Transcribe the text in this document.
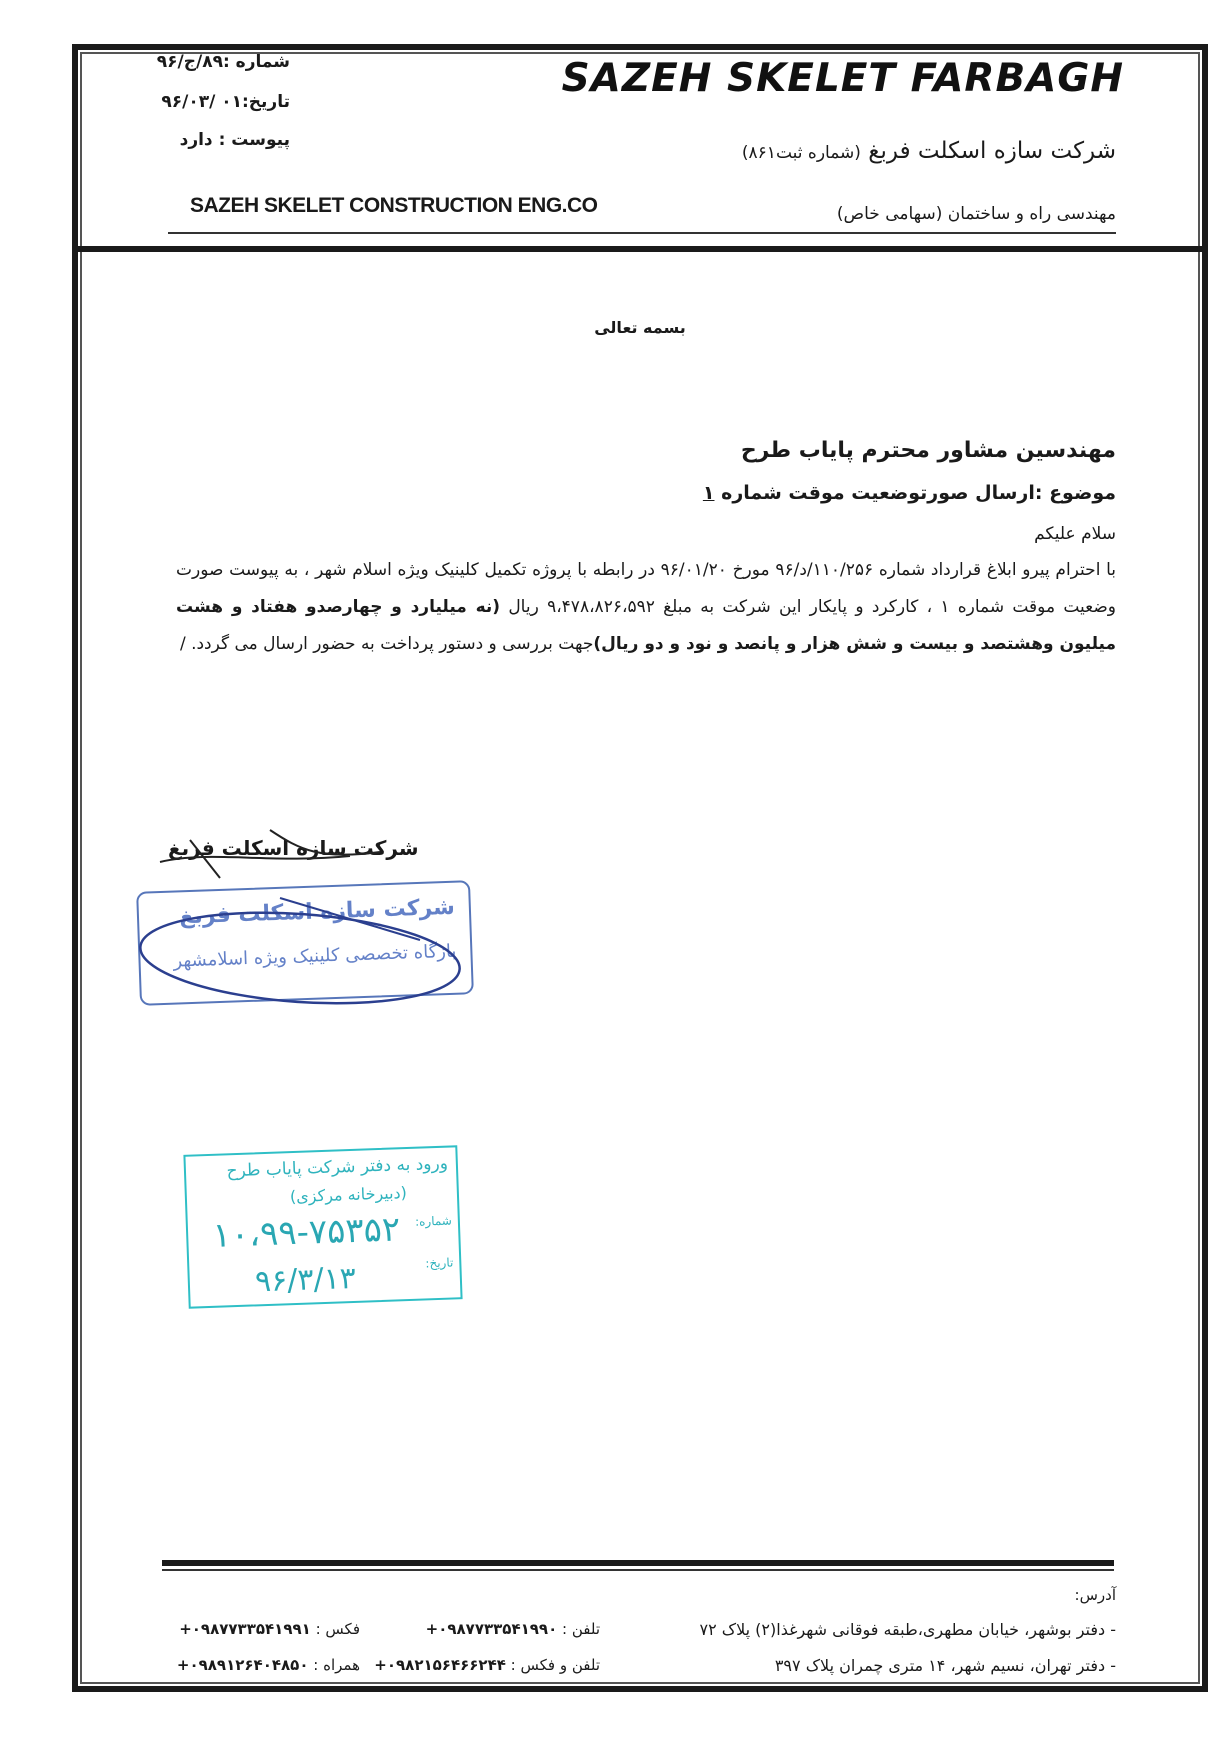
SAZEH SKELET FARBAGH
شرکت سازه اسکلت فربغ (شماره ثبت۸۶۱)
مهندسی راه و ساختمان (سهامی خاص)
شماره :۸۹/ج/۹۶
تاریخ:۰۱ /۹۶/۰۳
پیوست : دارد
SAZEH SKELET CONSTRUCTION ENG.CO
بسمه تعالی
مهندسین مشاور محترم پایاب طرح
موضوع :ارسال صورتوضعیت موقت شماره ۱
سلام علیکم
با احترام پیرو ابلاغ قرارداد شماره ۱۱۰/۲۵۶/د/۹۶ مورخ ۹۶/۰۱/۲۰ در رابطه با پروژه تکمیل کلینیک ویژه اسلام شهر ، به پیوست صورت وضعیت موقت شماره ۱ ، کارکرد و پایکار این شرکت به مبلغ ۹،۴۷۸،۸۲۶،۵۹۲ ریال (نه میلیارد و چهارصدو هفتاد و هشت میلیون وهشتصد و بیست و شش هزار و پانصد و نود و دو ریال)جهت بررسی و دستور پرداخت به حضور ارسال می گردد. /
شرکت سازه اسکلت فربغ
شرکت سازه اسکلت فربغ
بازگاه تخصصی کلینیک ویژه اسلامشهر
ورود به دفتر شرکت پایاب طرح
(دبیرخانه مرکزی)
شماره:
تاریخ:
۱۰،۹۹-۷۵۳۵۲
۹۶/۳/۱۳
آدرس:
- دفتر بوشهر، خیابان مطهری،طبقه فوقانی شهرغذا(۲) پلاک ۷۲
- دفتر تهران، نسیم شهر، ۱۴ متری چمران پلاک ۳۹۷
تلفن : ۰۹۸۷۷۳۳۵۴۱۹۹۰+
فکس : ۰۹۸۷۷۳۳۵۴۱۹۹۱+
تلفن و فکس : ۰۹۸۲۱۵۶۴۶۶۲۴۴+
همراه : ۰۹۸۹۱۲۶۴۰۴۸۵۰+
